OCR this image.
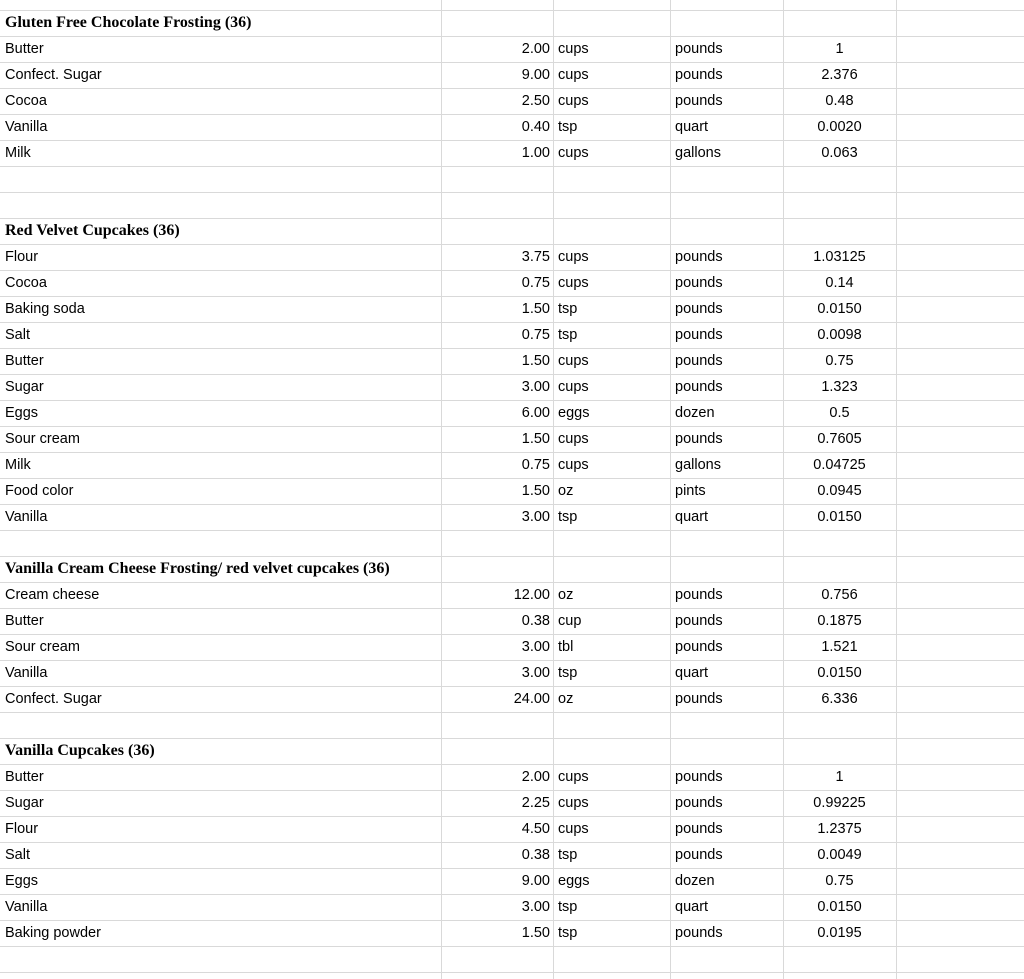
Gluten Free Chocolate Frosting (36)
Butter	2.00 cups	pounds	1
Confect. Sugar	9.00 cups	pounds	2.376
Cocoa	2.50 cups	pounds	0.48
Vanilla	0.40 tsp	quart	0.0020
Milk	1.00 cups	gallons	0.063
Red Velvet Cupcakes (36)
Flour	3.75 cups	pounds	1.03125
Cocoa	0.75 cups	pounds	0.14
Baking soda	1.50 tsp	pounds	0.0150
Salt	0.75 tsp	pounds	0.0098
Butter	1.50 cups	pounds	0.75
Sugar	3.00 cups	pounds	1.323
Eggs	6.00 eggs	dozen	0.5
Sour cream	1.50 cups	pounds	0.7605
Milk	0.75 cups	gallons	0.04725
Food color	1.50 oz	pints	0.0945
Vanilla	3.00 tsp	quart	0.0150
Vanilla Cream Cheese Frosting/ red velvet cupcakes (36)
Cream cheese	12.00 oz	pounds	0.756
Butter	0.38 cup	pounds	0.1875
Sour cream	3.00 tbl	pounds	1.521
Vanilla	3.00 tsp	quart	0.0150
Confect. Sugar	24.00 oz	pounds	6.336
Vanilla Cupcakes (36)
Butter	2.00 cups	pounds	1
Sugar	2.25 cups	pounds	0.99225
Flour	4.50 cups	pounds	1.2375
Salt	0.38 tsp	pounds	0.0049
Eggs	9.00 eggs	dozen	0.75
Vanilla	3.00 tsp	quart	0.0150
Baking powder	1.50 tsp	pounds	0.0195
